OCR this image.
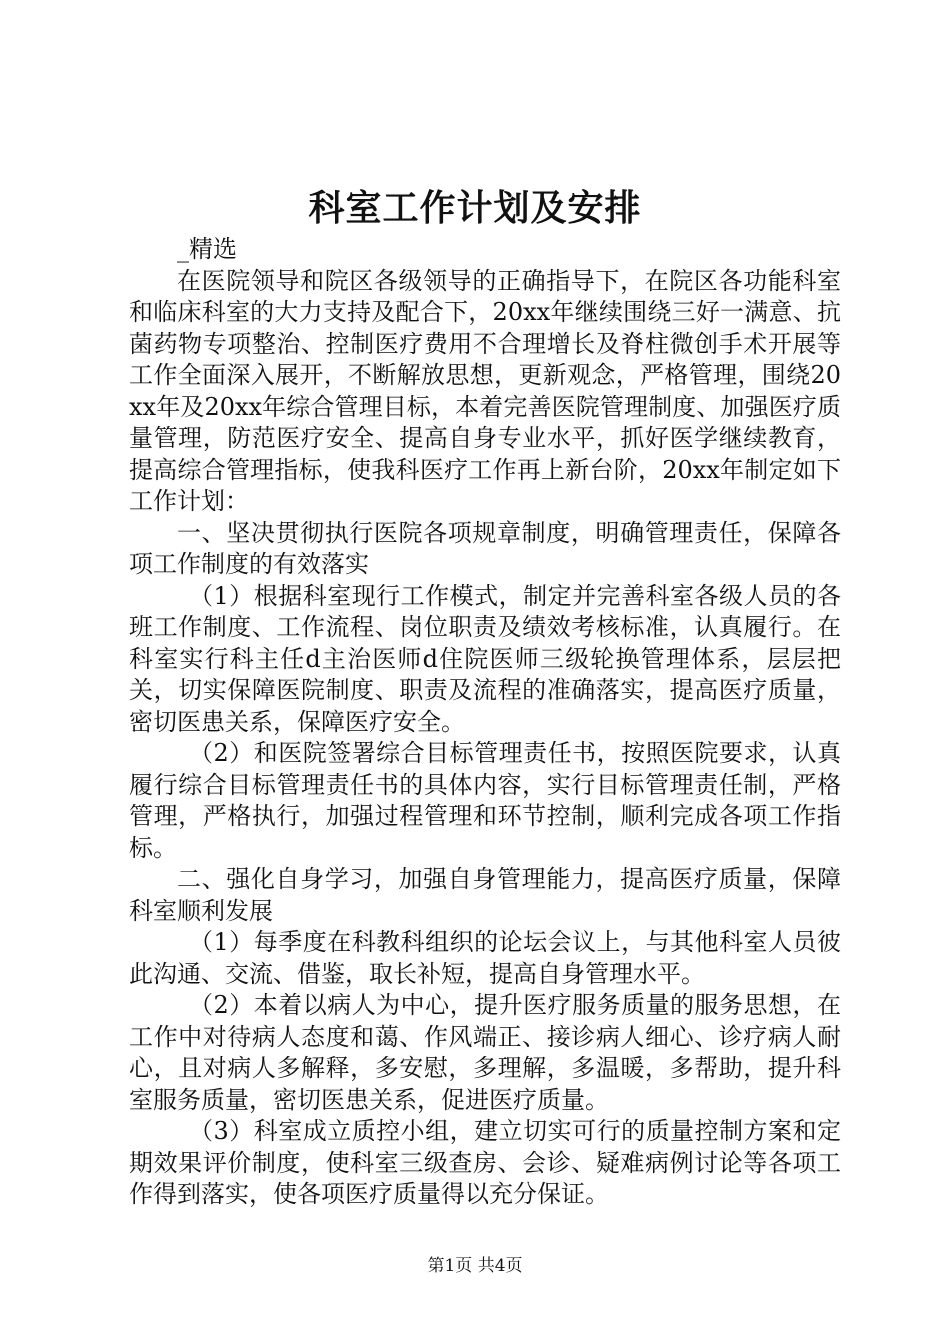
科室工作计划及安排

_精选

在医院领导和院区各级领导的正确指导下，在院区各功能科室和临床科室的大力支持及配合下，20xx年继续围绕三好一满意、抗菌药物专项整治、控制医疗费用不合理增长及脊柱微创手术开展等工作全面深入展开，不断解放思想，更新观念，严格管理，围绕20xx年及20xx年综合管理目标，本着完善医院管理制度、加强医疗质量管理，防范医疗安全、提高自身专业水平，抓好医学继续教育，提高综合管理指标，使我科医疗工作再上新台阶，20xx年制定如下工作计划：

一、坚决贯彻执行医院各项规章制度，明确管理责任，保障各项工作制度的有效落实

（1）根据科室现行工作模式，制定并完善科室各级人员的各班工作制度、工作流程、岗位职责及绩效考核标准，认真履行。在科室实行科主任d主治医师d住院医师三级轮换管理体系，层层把关，切实保障医院制度、职责及流程的准确落实，提高医疗质量，密切医患关系，保障医疗安全。

（2）和医院签署综合目标管理责任书，按照医院要求，认真履行综合目标管理责任书的具体内容，实行目标管理责任制，严格管理，严格执行，加强过程管理和环节控制，顺利完成各项工作指标。

二、强化自身学习，加强自身管理能力，提高医疗质量，保障科室顺利发展

（1）每季度在科教科组织的论坛会议上，与其他科室人员彼此沟通、交流、借鉴，取长补短，提高自身管理水平。

（2）本着以病人为中心，提升医疗服务质量的服务思想，在工作中对待病人态度和蔼、作风端正、接诊病人细心、诊疗病人耐心，且对病人多解释，多安慰，多理解，多温暖，多帮助，提升科室服务质量，密切医患关系，促进医疗质量。

（3）科室成立质控小组，建立切实可行的质量控制方案和定期效果评价制度，使科室三级查房、会诊、疑难病例讨论等各项工作得到落实，使各项医疗质量得以充分保证。

第1页 共4页
